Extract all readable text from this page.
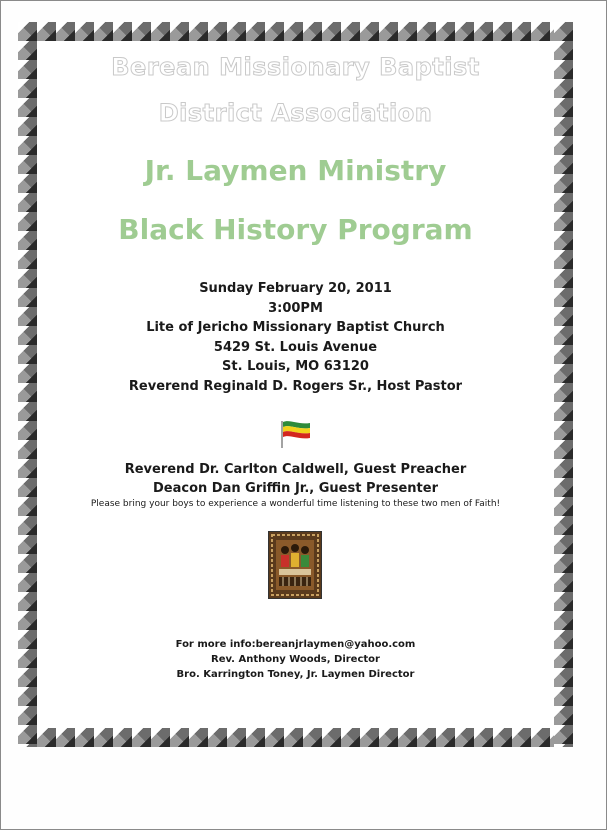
Berean Missionary Baptist
District Association
Jr. Laymen Ministry
Black History Program
Sunday February 20, 2011
3:00PM
Lite of Jericho Missionary Baptist Church
5429 St. Louis Avenue
St. Louis, MO 63120
Reverend Reginald D. Rogers Sr., Host Pastor
Reverend Dr. Carlton Caldwell, Guest Preacher
Deacon Dan Griffin Jr., Guest Presenter
Please bring your boys to experience a wonderful time listening to these two men of Faith!
For more info:bereanjrlaymen@yahoo.com
Rev. Anthony Woods, Director
Bro. Karrington Toney, Jr. Laymen Director
